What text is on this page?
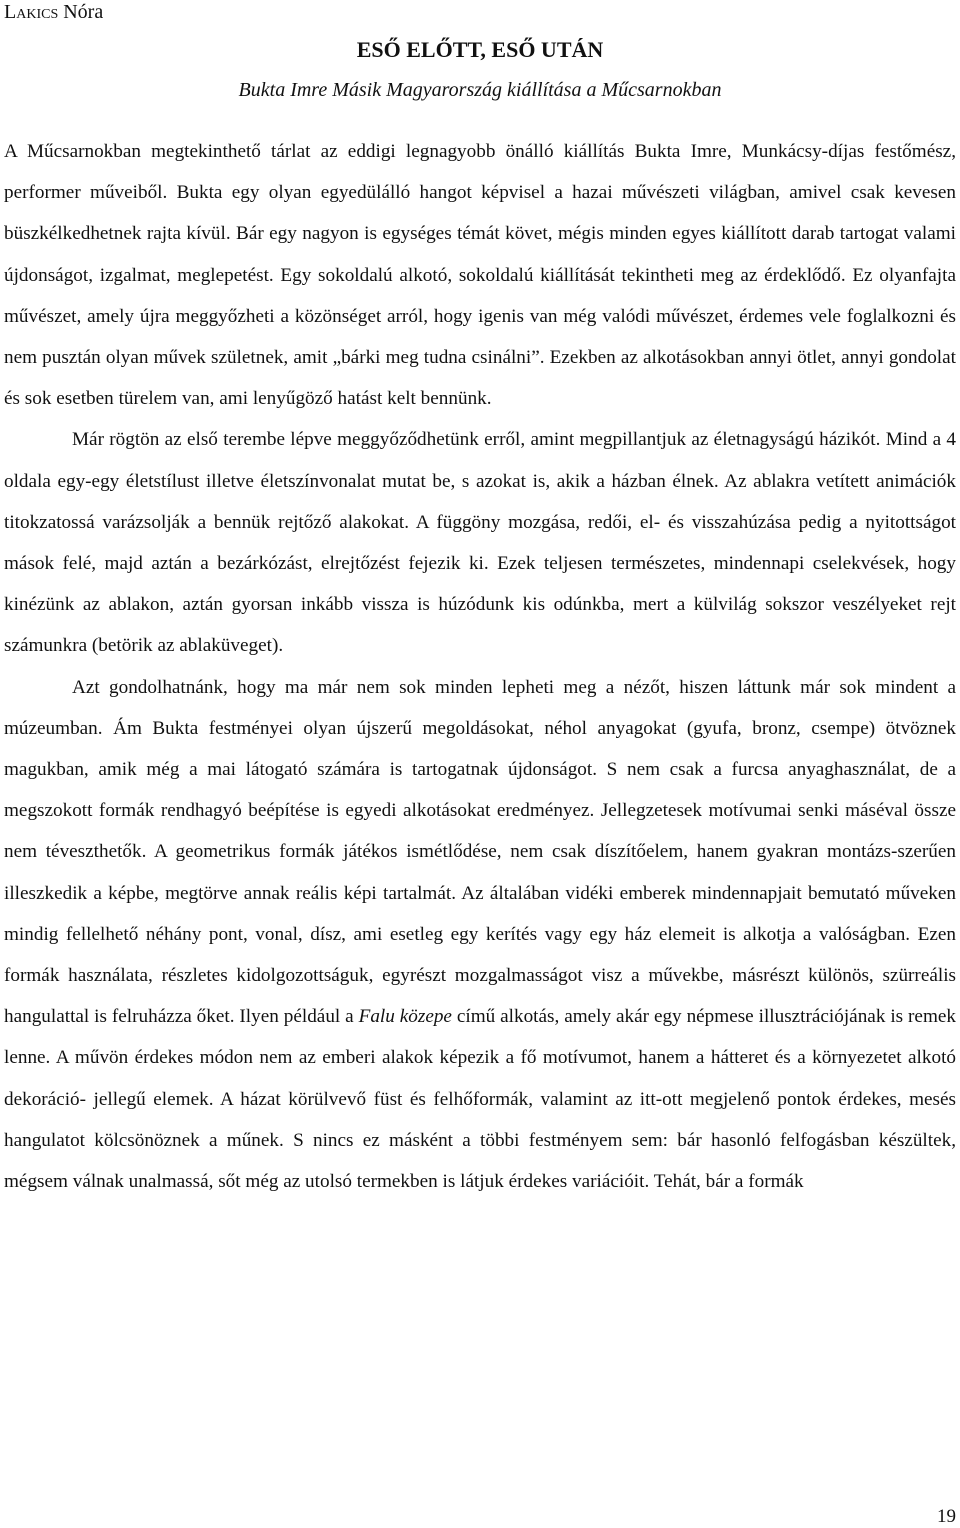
Lakics Nóra
ESŐ ELŐTT, ESŐ UTÁN
Bukta Imre Másik Magyarország kiállítása a Műcsarnokban

A Műcsarnokban megtekinthető tárlat az eddigi legnagyobb önálló kiállítás Bukta Imre, Munkácsy-díjas festőmész, performer műveiből. Bukta egy olyan egyedülálló hangot képvisel a hazai művészeti világban, amivel csak kevesen büszkélkedhetnek rajta kívül. Bár egy nagyon is egységes témát követ, mégis minden egyes kiállított darab tartogat valami újdonságot, izgalmat, meglepetést. Egy sokoldalú alkotó, sokoldalú kiállítását tekintheti meg az érdeklődő. Ez olyanfajta művészet, amely újra meggyőzheti a közönséget arról, hogy igenis van még valódi művészet, érdemes vele foglalkozni és nem pusztán olyan művek születnek, amit „bárki meg tudna csinálni”. Ezekben az alkotásokban annyi ötlet, annyi gondolat és sok esetben türelem van, ami lenyűgöző hatást kelt bennünk.

Már rögtön az első terembe lépve meggyőződhetünk erről, amint megpillantjuk az életnagyságú házikót. Mind a 4 oldala egy-egy életstílust illetve életszínvonalat mutat be, s azokat is, akik a házban élnek. Az ablakra vetített animációk titokzatossá varázsolják a bennük rejtőző alakokat. A függöny mozgása, redői, el- és visszahúzása pedig a nyitottságot mások felé, majd aztán a bezárkózást, elrejtőzést fejezik ki. Ezek teljesen természetes, mindennapi cselekvések, hogy kinézünk az ablakon, aztán gyorsan inkább vissza is húzódunk kis odúnkba, mert a külvilág sokszor veszélyeket rejt számunkra (betörik az ablaküveget).

Azt gondolhatnánk, hogy ma már nem sok minden lepheti meg a nézőt, hiszen láttunk már sok mindent a múzeumban. Ám Bukta festményei olyan újszerű megoldásokat, néhol anyagokat (gyufa, bronz, csempe) ötvöznek magukban, amik még a mai látogató számára is tartogatnak újdonságot. S nem csak a furcsa anyaghasználat, de a megszokott formák rendhagyó beépítése is egyedi alkotásokat eredményez. Jellegzetesek motívumai senki máséval össze nem téveszthetők. A geometrikus formák játékos ismétlődése, nem csak díszítőelem, hanem gyakran montázs-szerűen illeszkedik a képbe, megtörve annak reális képi tartalmát. Az általában vidéki emberek mindennapjait bemutató műveken mindig fellelhető néhány pont, vonal, dísz, ami esetleg egy kerítés vagy egy ház elemeit is alkotja a valóságban. Ezen formák használata, részletes kidolgozottságuk, egyrészt mozgalmasságot visz a művekbe, másrészt különös, szürreális hangulattal is felruházza őket. Ilyen például a Falu közepe című alkotás, amely akár egy népmese illusztrációjának is remek lenne. A művön érdekes módon nem az emberi alakok képezik a fő motívumot, hanem a hátteret és a környezetet alkotó dekoráció- jellegű elemek. A házat körülvevő füst és felhőformák, valamint az itt-ott megjelenő pontok érdekes, mesés hangulatot kölcsönöznek a műnek. S nincs ez másként a többi festményem sem: bár hasonló felfogásban készültek, mégsem válnak unalmassá, sőt még az utolsó termekben is látjuk érdekes variációit. Tehát, bár a formák

19
